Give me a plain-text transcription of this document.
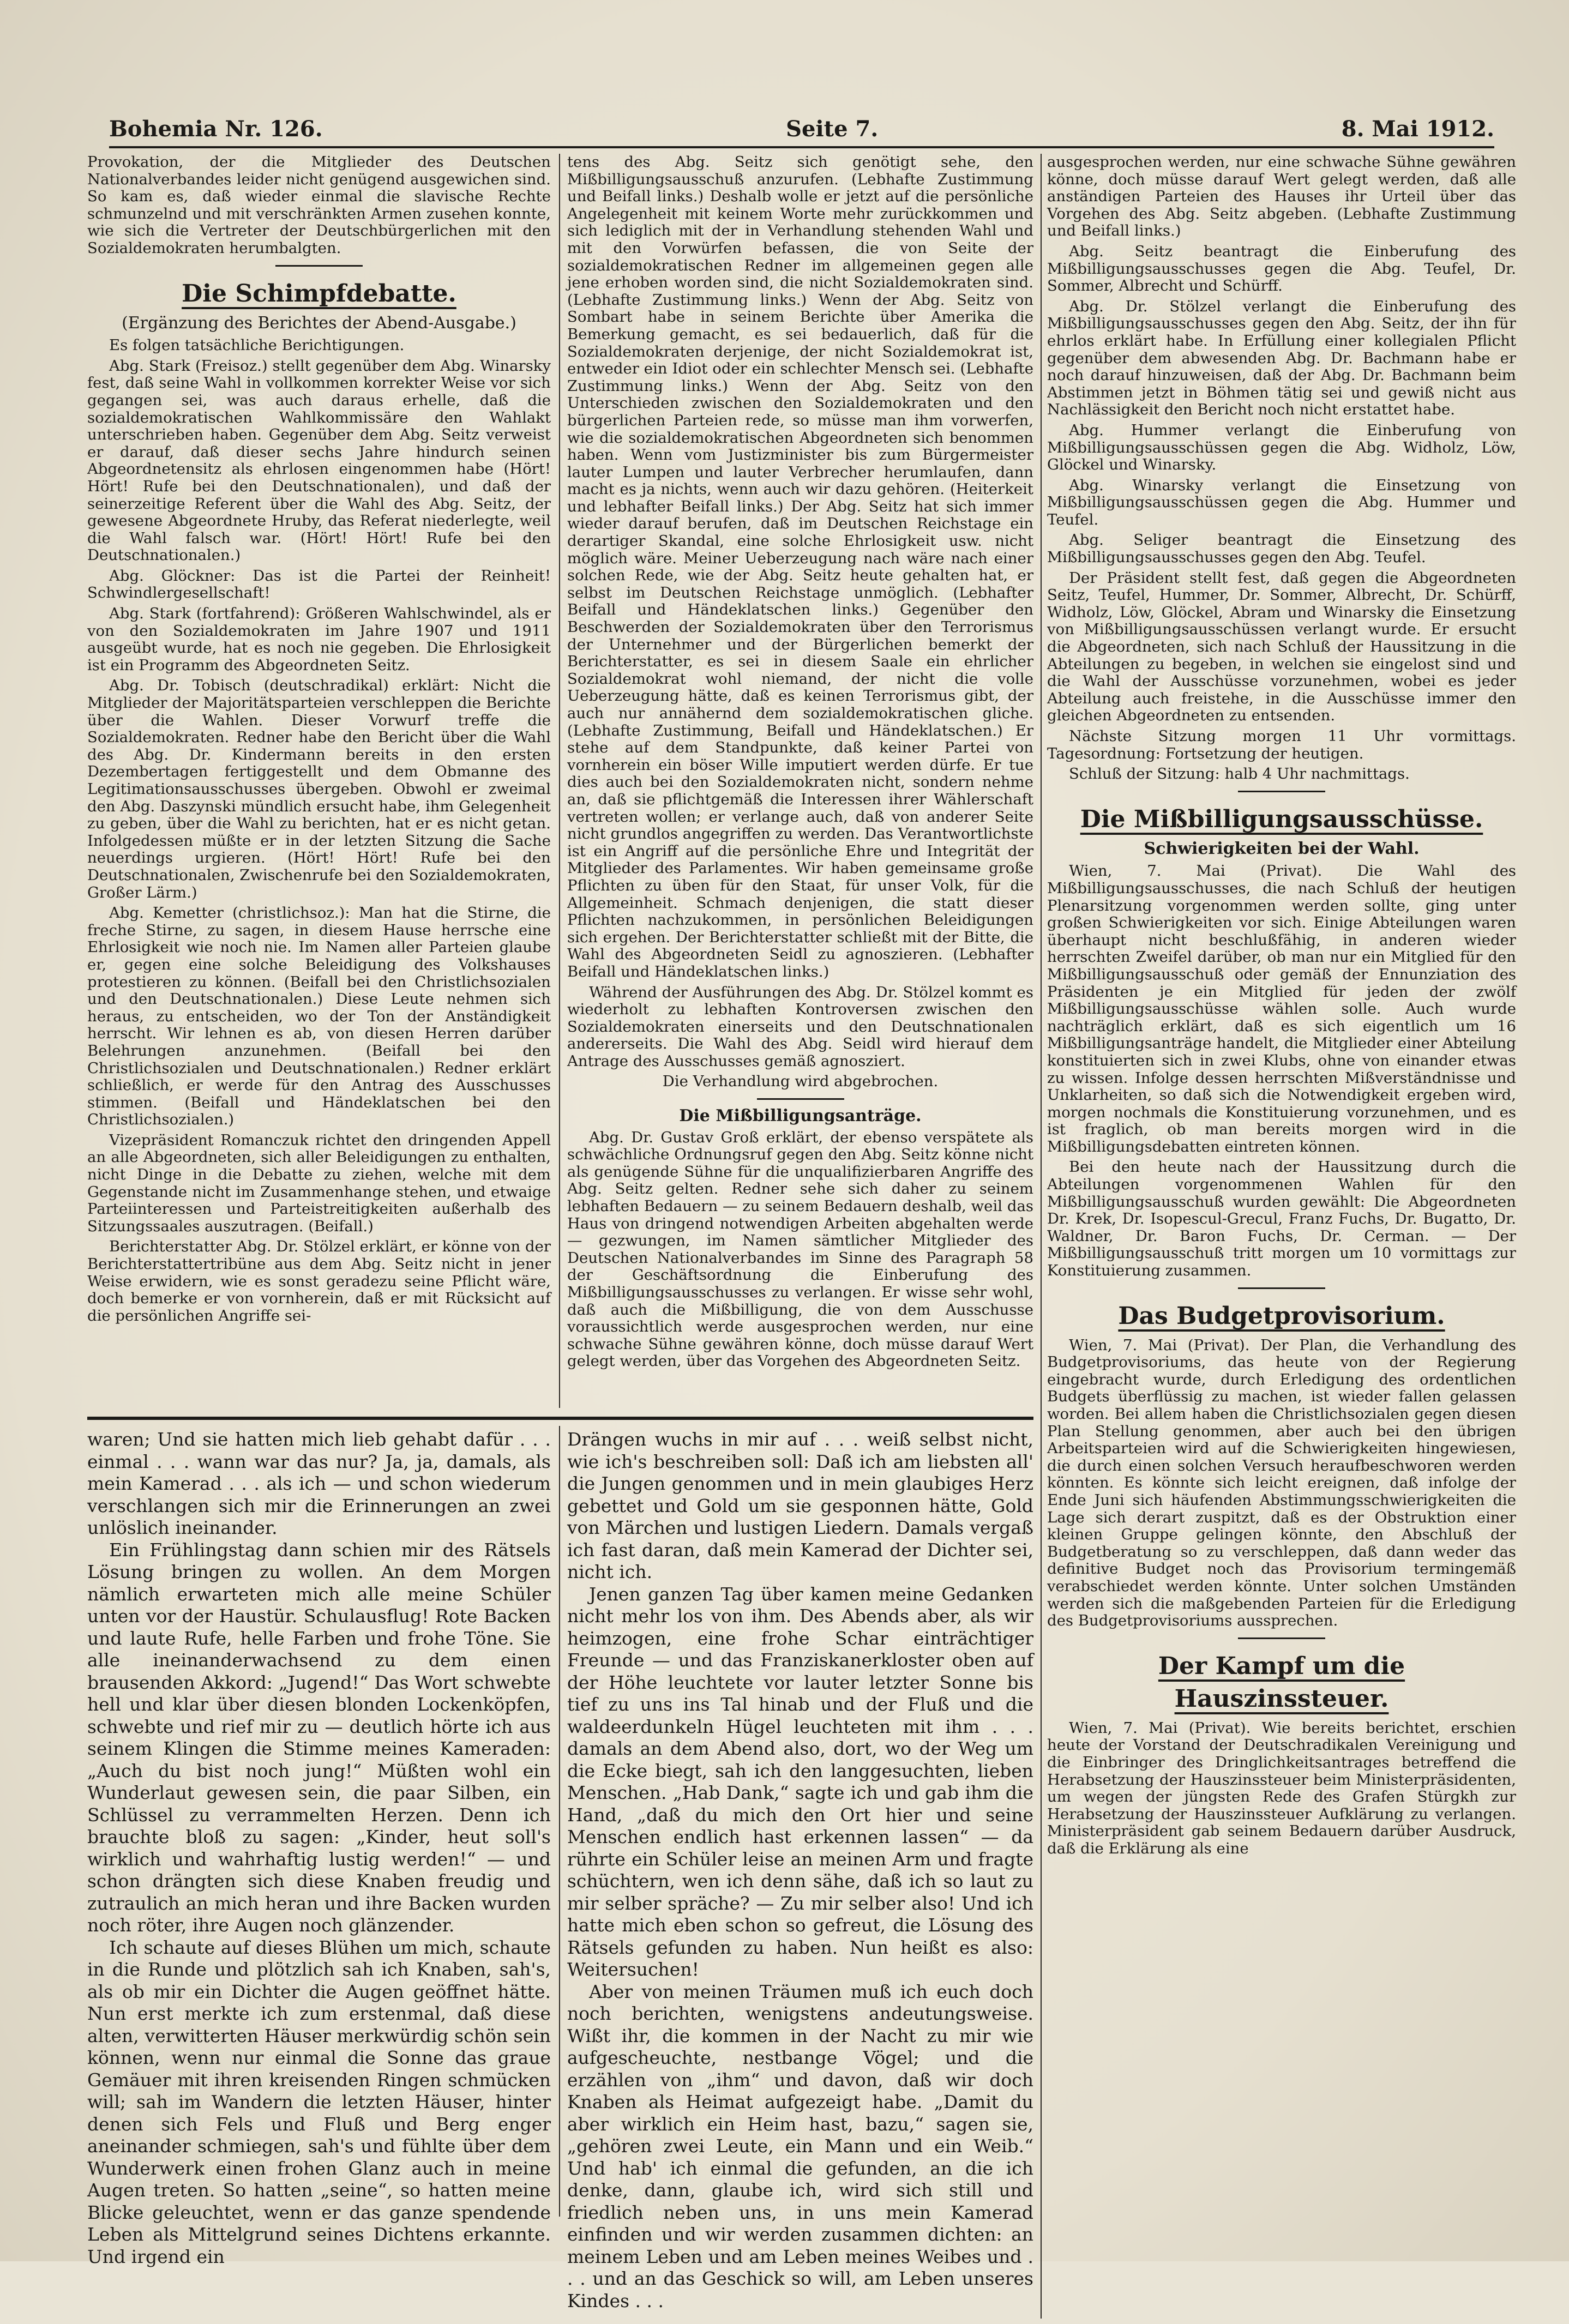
Bohemia Nr. 126.	Seite 7.	8. Mai 1912.

Provokation, der die Mitglieder des Deutschen Nationalverbandes leider nicht genügend ausgewichen sind. So kam es, daß wieder einmal die slavische Rechte schmunzelnd und mit verschränkten Armen zusehen konnte, wie sich die Vertreter der Deutschbürgerlichen mit den Sozialdemokraten herumbalgten.

Die Schimpfdebatte.
(Ergänzung des Berichtes der Abend-Ausgabe.)

Es folgen tatsächliche Berichtigungen.

Abg. Stark (Freisoz.) stellt gegenüber dem Abg. Winarsky fest, daß seine Wahl in vollkommen korrekter Weise vor sich gegangen sei, was auch daraus erhelle, daß die sozialdemokratischen Wahlkommissäre den Wahlakt unterschrieben haben. Gegenüber dem Abg. Seitz verweist er darauf, daß dieser sechs Jahre hindurch seinen Abgeordnetensitz als ehrlosen eingenommen habe (Hört! Hört! Rufe bei den Deutschnationalen), und daß der seinerzeitige Referent über die Wahl des Abg. Seitz, der gewesene Abgeordnete Hruby, das Referat niederlegte, weil die Wahl falsch war. (Hört! Hört! Rufe bei den Deutschnationalen.)

Abg. Glöckner: Das ist die Partei der Reinheit! Schwindlergesellschaft!

Abg. Stark (fortfahrend): Größeren Wahlschwindel, als er von den Sozialdemokraten im Jahre 1907 und 1911 ausgeübt wurde, hat es noch nie gegeben. Die Ehrlosigkeit ist ein Programm des Abgeordneten Seitz.

Abg. Dr. Tobisch (deutschradikal) erklärt: Nicht die Mitglieder der Majoritätsparteien verschleppen die Berichte über die Wahlen. Dieser Vorwurf treffe die Sozialdemokraten. Redner habe den Bericht über die Wahl des Abg. Dr. Kindermann bereits in den ersten Dezembertagen fertiggestellt und dem Obmanne des Legitimationsausschusses übergeben. Obwohl er zweimal den Abg. Daszynski mündlich ersucht habe, ihm Gelegenheit zu geben, über die Wahl zu berichten, hat er es nicht getan. Infolgedessen müßte er in der letzten Sitzung die Sache neuerdings urgieren. (Hört! Hört! Rufe bei den Deutschnationalen, Zwischenrufe bei den Sozialdemokraten, Großer Lärm.)

Abg. Kemetter (christlichsoz.): Man hat die Stirne, die freche Stirne, zu sagen, in diesem Hause herrsche eine Ehrlosigkeit wie noch nie. Im Namen aller Parteien glaube er, gegen eine solche Beleidigung des Volkshauses protestieren zu können. (Beifall bei den Christlichsozialen und den Deutschnationalen.) Diese Leute nehmen sich heraus, zu entscheiden, wo der Ton der Anständigkeit herrscht. Wir lehnen es ab, von diesen Herren darüber Belehrungen anzunehmen. (Beifall bei den Christlichsozialen und Deutschnationalen.) Redner erklärt schließlich, er werde für den Antrag des Ausschusses stimmen. (Beifall und Händeklatschen bei den Christlichsozialen.)

Vizepräsident Romanczuk richtet den dringenden Appell an alle Abgeordneten, sich aller Beleidigungen zu enthalten, nicht Dinge in die Debatte zu ziehen, welche mit dem Gegenstande nicht im Zusammenhange stehen, und etwaige Parteiinteressen und Parteistreitigkeiten außerhalb des Sitzungssaales auszutragen. (Beifall.)

Berichterstatter Abg. Dr. Stölzel erklärt, er könne von der Berichterstattertribüne aus dem Abg. Seitz nicht in jener Weise erwidern, wie es sonst geradezu seine Pflicht wäre, doch bemerke er von vornherein, daß er mit Rücksicht auf die persönlichen Angriffe sei-

tens des Abg. Seitz sich genötigt sehe, den Mißbilligungsausschuß anzurufen. (Lebhafte Zustimmung und Beifall links.) Deshalb wolle er jetzt auf die persönliche Angelegenheit mit keinem Worte mehr zurückkommen und sich lediglich mit der in Verhandlung stehenden Wahl und mit den Vorwürfen befassen, die von Seite der sozialdemokratischen Redner im allgemeinen gegen alle jene erhoben worden sind, die nicht Sozialdemokraten sind. (Lebhafte Zustimmung links.) Wenn der Abg. Seitz von Sombart habe in seinem Berichte über Amerika die Bemerkung gemacht, es sei bedauerlich, daß für die Sozialdemokraten derjenige, der nicht Sozialdemokrat ist, entweder ein Idiot oder ein schlechter Mensch sei. (Lebhafte Zustimmung links.) Wenn der Abg. Seitz von den Unterschieden zwischen den Sozialdemokraten und den bürgerlichen Parteien rede, so müsse man ihm vorwerfen, wie die sozialdemokratischen Abgeordneten sich benommen haben. Wenn vom Justizminister bis zum Bürgermeister lauter Lumpen und lauter Verbrecher herumlaufen, dann macht es ja nichts, wenn auch wir dazu gehören. (Heiterkeit und lebhafter Beifall links.) Der Abg. Seitz hat sich immer wieder darauf berufen, daß im Deutschen Reichstage ein derartiger Skandal, eine solche Ehrlosigkeit usw. nicht möglich wäre. Meiner Ueberzeugung nach wäre nach einer solchen Rede, wie der Abg. Seitz heute gehalten hat, er selbst im Deutschen Reichstage unmöglich. (Lebhafter Beifall und Händeklatschen links.) Gegenüber den Beschwerden der Sozialdemokraten über den Terrorismus der Unternehmer und der Bürgerlichen bemerkt der Berichterstatter, es sei in diesem Saale ein ehrlicher Sozialdemokrat wohl niemand, der nicht die volle Ueberzeugung hätte, daß es keinen Terrorismus gibt, der auch nur annähernd dem sozialdemokratischen gliche. (Lebhafte Zustimmung, Beifall und Händeklatschen.) Er stehe auf dem Standpunkte, daß keiner Partei von vornherein ein böser Wille imputiert werden dürfe. Er tue dies auch bei den Sozialdemokraten nicht, sondern nehme an, daß sie pflichtgemäß die Interessen ihrer Wählerschaft vertreten wollen; er verlange auch, daß von anderer Seite nicht grundlos angegriffen zu werden. Das Verantwortlichste ist ein Angriff auf die persönliche Ehre und Integrität der Mitglieder des Parlamentes. Wir haben gemeinsame große Pflichten zu üben für den Staat, für unser Volk, für die Allgemeinheit. Schmach denjenigen, die statt dieser Pflichten nachzukommen, in persönlichen Beleidigungen sich ergehen. Der Berichterstatter schließt mit der Bitte, die Wahl des Abgeordneten Seidl zu agnoszieren. (Lebhafter Beifall und Händeklatschen links.)

Während der Ausführungen des Abg. Dr. Stölzel kommt es wiederholt zu lebhaften Kontroversen zwischen den Sozialdemokraten einerseits und den Deutschnationalen andererseits. Die Wahl des Abg. Seidl wird hierauf dem Antrage des Ausschusses gemäß agnosziert.

Die Verhandlung wird abgebrochen.

Die Mißbilligungsanträge.

Abg. Dr. Gustav Groß erklärt, der ebenso verspätete als schwächliche Ordnungsruf gegen den Abg. Seitz könne nicht als genügende Sühne für die unqualifizierbaren Angriffe des Abg. Seitz gelten. Redner sehe sich daher zu seinem lebhaften Bedauern — zu seinem Bedauern deshalb, weil das Haus von dringend notwendigen Arbeiten abgehalten werde — gezwungen, im Namen sämtlicher Mitglieder des Deutschen Nationalverbandes im Sinne des Paragraph 58 der Geschäftsordnung die Einberufung des Mißbilligungsausschusses zu verlangen. Er wisse sehr wohl, daß auch die Mißbilligung, die von dem Ausschusse voraussichtlich werde ausgesprochen werden, nur eine schwache Sühne gewähren könne, doch müsse darauf Wert gelegt werden, über das Vorgehen des Abgeordneten Seitz.

ausgesprochen werden, nur eine schwache Sühne gewähren könne, doch müsse darauf Wert gelegt werden, daß alle anständigen Parteien des Hauses ihr Urteil über das Vorgehen des Abg. Seitz abgeben. (Lebhafte Zustimmung und Beifall links.)

Abg. Seitz beantragt die Einberufung des Mißbilligungsausschusses gegen die Abg. Teufel, Dr. Sommer, Albrecht und Schürff.

Abg. Dr. Stölzel verlangt die Einberufung des Mißbilligungsausschusses gegen den Abg. Seitz, der ihn für ehrlos erklärt habe. In Erfüllung einer kollegialen Pflicht gegenüber dem abwesenden Abg. Dr. Bachmann habe er noch darauf hinzuweisen, daß der Abg. Dr. Bachmann beim Abstimmen jetzt in Böhmen tätig sei und gewiß nicht aus Nachlässigkeit den Bericht noch nicht erstattet habe.

Abg. Hummer verlangt die Einberufung von Mißbilligungsausschüssen gegen die Abg. Widholz, Löw, Glöckel und Winarsky.

Abg. Winarsky verlangt die Einsetzung von Mißbilligungsausschüssen gegen die Abg. Hummer und Teufel.

Abg. Seliger beantragt die Einsetzung des Mißbilligungsausschusses gegen den Abg. Teufel.

Der Präsident stellt fest, daß gegen die Abgeordneten Seitz, Teufel, Hummer, Dr. Sommer, Albrecht, Dr. Schürff, Widholz, Löw, Glöckel, Abram und Winarsky die Einsetzung von Mißbilligungsausschüssen verlangt wurde. Er ersucht die Abgeordneten, sich nach Schluß der Haussitzung in die Abteilungen zu begeben, in welchen sie eingelost sind und die Wahl der Ausschüsse vorzunehmen, wobei es jeder Abteilung auch freistehe, in die Ausschüsse immer den gleichen Abgeordneten zu entsenden.

Nächste Sitzung morgen 11 Uhr vormittags. Tagesordnung: Fortsetzung der heutigen.

Schluß der Sitzung: halb 4 Uhr nachmittags.

Die Mißbilligungsausschüsse.
Schwierigkeiten bei der Wahl.

Wien, 7. Mai (Privat). Die Wahl des Mißbilligungsausschusses, die nach Schluß der heutigen Plenarsitzung vorgenommen werden sollte, ging unter großen Schwierigkeiten vor sich. Einige Abteilungen waren überhaupt nicht beschlußfähig, in anderen wieder herrschten Zweifel darüber, ob man nur ein Mitglied für den Mißbilligungsausschuß oder gemäß der Ennunziation des Präsidenten je ein Mitglied für jeden der zwölf Mißbilligungsausschüsse wählen solle. Auch wurde nachträglich erklärt, daß es sich eigentlich um 16 Mißbilligungsanträge handelt, die Mitglieder einer Abteilung konstituierten sich in zwei Klubs, ohne von einander etwas zu wissen. Infolge dessen herrschten Mißverständnisse und Unklarheiten, so daß sich die Notwendigkeit ergeben wird, morgen nochmals die Konstituierung vorzunehmen, und es ist fraglich, ob man bereits morgen wird in die Mißbilligungsdebatten eintreten können.

Bei den heute nach der Haussitzung durch die Abteilungen vorgenommenen Wahlen für den Mißbilligungsausschuß wurden gewählt: Die Abgeordneten Dr. Krek, Dr. Isopescul-Grecul, Franz Fuchs, Dr. Bugatto, Dr. Waldner, Dr. Baron Fuchs, Dr. Cerman. — Der Mißbilligungsausschuß tritt morgen um 10 vormittags zur Konstituierung zusammen.

Das Budgetprovisorium.

Wien, 7. Mai (Privat). Der Plan, die Verhandlung des Budgetprovisoriums, das heute von der Regierung eingebracht wurde, durch Erledigung des ordentlichen Budgets überflüssig zu machen, ist wieder fallen gelassen worden. Bei allem haben die Christlichsozialen gegen diesen Plan Stellung genommen, aber auch bei den übrigen Arbeitsparteien wird auf die Schwierigkeiten hingewiesen, die durch einen solchen Versuch heraufbeschworen werden könnten. Es könnte sich leicht ereignen, daß infolge der Ende Juni sich häufenden Abstimmungsschwierigkeiten die Lage sich derart zuspitzt, daß es der Obstruktion einer kleinen Gruppe gelingen könnte, den Abschluß der Budgetberatung so zu verschleppen, daß dann weder das definitive Budget noch das Provisorium termingemäß verabschiedet werden könnte. Unter solchen Umständen werden sich die maßgebenden Parteien für die Erledigung des Budgetprovisoriums aussprechen.

Der Kampf um die Hauszinssteuer.

Wien, 7. Mai (Privat). Wie bereits berichtet, erschien heute der Vorstand der Deutschradikalen Vereinigung und die Einbringer des Dringlichkeitsantrages betreffend die Herabsetzung der Hauszinssteuer beim Ministerpräsidenten, um wegen der jüngsten Rede des Grafen Stürgkh zur Herabsetzung der Hauszinssteuer Aufklärung zu verlangen. Ministerpräsident gab seinem Bedauern darüber Ausdruck, daß die Erklärung als eine

waren; Und sie hatten mich lieb gehabt dafür . . . einmal . . . wann war das nur? Ja, ja, damals, als mein Kamerad . . . als ich — und schon wiederum verschlangen sich mir die Erinnerungen an zwei unlöslich ineinander.

Ein Frühlingstag dann schien mir des Rätsels Lösung bringen zu wollen. An dem Morgen nämlich erwarteten mich alle meine Schüler unten vor der Haustür. Schulausflug! Rote Backen und laute Rufe, helle Farben und frohe Töne. Sie alle ineinanderwachsend zu dem einen brausenden Akkord: „Jugend!“ Das Wort schwebte hell und klar über diesen blonden Lockenköpfen, schwebte und rief mir zu — deutlich hörte ich aus seinem Klingen die Stimme meines Kameraden: „Auch du bist noch jung!“ Müßten wohl ein Wunderlaut gewesen sein, die paar Silben, ein Schlüssel zu verrammelten Herzen. Denn ich brauchte bloß zu sagen: „Kinder, heut soll's wirklich und wahrhaftig lustig werden!“ — und schon drängten sich diese Knaben freudig und zutraulich an mich heran und ihre Backen wurden noch röter, ihre Augen noch glänzender.

Ich schaute auf dieses Blühen um mich, schaute in die Runde und plötzlich sah ich Knaben, sah's, als ob mir ein Dichter die Augen geöffnet hätte. Nun erst merkte ich zum erstenmal, daß diese alten, verwitterten Häuser merkwürdig schön sein können, wenn nur einmal die Sonne das graue Gemäuer mit ihren kreisenden Ringen schmücken will; sah im Wandern die letzten Häuser, hinter denen sich Fels und Fluß und Berg enger aneinander schmiegen, sah's und fühlte über dem Wunderwerk einen frohen Glanz auch in meine Augen treten. So hatten „seine“, so hatten meine Blicke geleuchtet, wenn er das ganze spendende Leben als Mittelgrund seines Dichtens erkannte. Und irgend ein

Drängen wuchs in mir auf . . . weiß selbst nicht, wie ich's beschreiben soll: Daß ich am liebsten all' die Jungen genommen und in mein glaubiges Herz gebettet und Gold um sie gesponnen hätte, Gold von Märchen und lustigen Liedern. Damals vergaß ich fast daran, daß mein Kamerad der Dichter sei, nicht ich.

Jenen ganzen Tag über kamen meine Gedanken nicht mehr los von ihm. Des Abends aber, als wir heimzogen, eine frohe Schar einträchtiger Freunde — und das Franziskanerkloster oben auf der Höhe leuchtete vor lauter letzter Sonne bis tief zu uns ins Tal hinab und der Fluß und die waldeerdunkeln Hügel leuchteten mit ihm . . . damals an dem Abend also, dort, wo der Weg um die Ecke biegt, sah ich den langgesuchten, lieben Menschen. „Hab Dank,“ sagte ich und gab ihm die Hand, „daß du mich den Ort hier und seine Menschen endlich hast erkennen lassen“ — da rührte ein Schüler leise an meinen Arm und fragte schüchtern, wen ich denn sähe, daß ich so laut zu mir selber spräche? — Zu mir selber also! Und ich hatte mich eben schon so gefreut, die Lösung des Rätsels gefunden zu haben. Nun heißt es also: Weitersuchen!

Aber von meinen Träumen muß ich euch doch noch berichten, wenigstens andeutungsweise. Wißt ihr, die kommen in der Nacht zu mir wie aufgescheuchte, nestbange Vögel; und die erzählen von „ihm“ und davon, daß wir doch Knaben als Heimat aufgezeigt habe. „Damit du aber wirklich ein Heim hast, bazu,“ sagen sie, „gehören zwei Leute, ein Mann und ein Weib.“ Und hab' ich einmal die gefunden, an die ich denke, dann, glaube ich, wird sich still und friedlich neben uns, in uns mein Kamerad einfinden und wir werden zusammen dichten: an meinem Leben und am Leben meines Weibes und . . . und an das Geschick so will, am Leben unseres Kindes . . .
